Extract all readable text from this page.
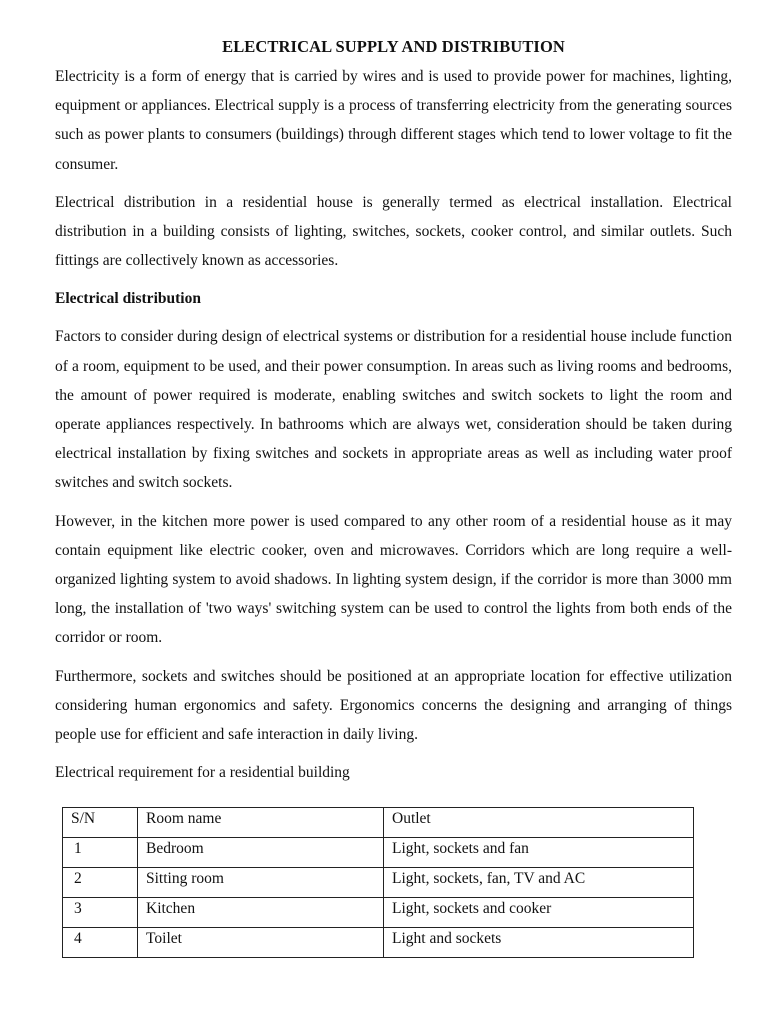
ELECTRICAL SUPPLY AND DISTRIBUTION

Electricity is a form of energy that is carried by wires and is used to provide power for machines, lighting, equipment or appliances. Electrical supply is a process of transferring electricity from the generating sources such as power plants to consumers (buildings) through different stages which tend to lower voltage to fit the consumer.

Electrical distribution in a residential house is generally termed as electrical installation. Electrical distribution in a building consists of lighting, switches, sockets, cooker control, and similar outlets. Such fittings are collectively known as accessories.

Electrical distribution

Factors to consider during design of electrical systems or distribution for a residential house include function of a room, equipment to be used, and their power consumption. In areas such as living rooms and bedrooms, the amount of power required is moderate, enabling switches and switch sockets to light the room and operate appliances respectively. In bathrooms which are always wet, consideration should be taken during electrical installation by fixing switches and sockets in appropriate areas as well as including water proof switches and switch sockets.

However, in the kitchen more power is used compared to any other room of a residential house as it may contain equipment like electric cooker, oven and microwaves. Corridors which are long require a well-organized lighting system to avoid shadows. In lighting system design, if the corridor is more than 3000 mm long, the installation of 'two ways' switching system can be used to control the lights from both ends of the corridor or room.

Furthermore, sockets and switches should be positioned at an appropriate location for effective utilization considering human ergonomics and safety. Ergonomics concerns the designing and arranging of things people use for efficient and safe interaction in daily living.

Electrical requirement for a residential building
S/N	Room name	Outlet
1	Bedroom	Light, sockets and fan
2	Sitting room	Light, sockets, fan, TV and AC
3	Kitchen	Light, sockets and cooker
4	Toilet	Light and sockets
